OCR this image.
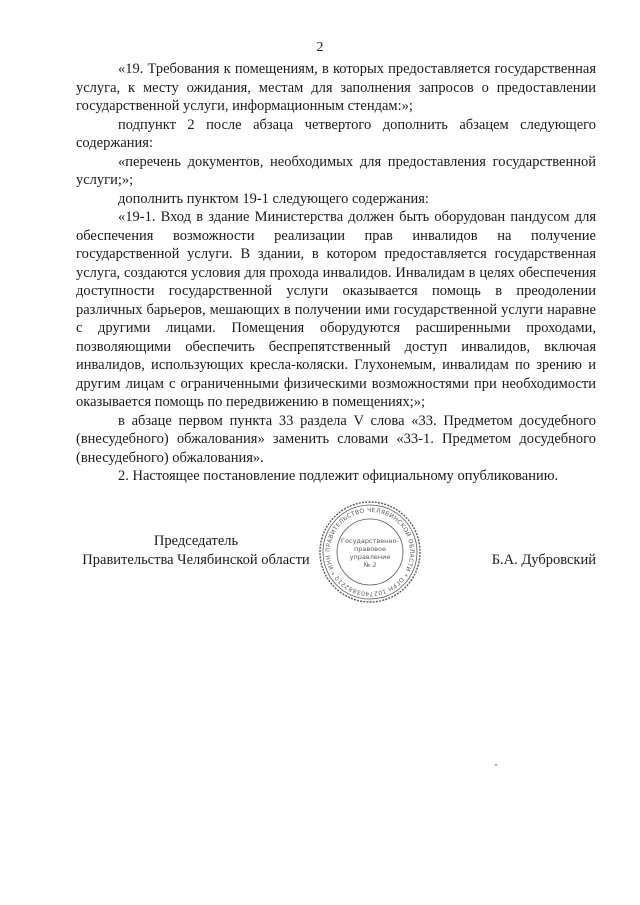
2

«19. Требования к помещениям, в которых предоставляется государственная услуга, к месту ожидания, местам для заполнения запросов о предоставлении государственной услуги, информационным стендам:»;

подпункт 2 после абзаца четвертого дополнить абзацем следующего содержания:

«перечень документов, необходимых для предоставления государственной услуги;»;

дополнить пунктом 19-1 следующего содержания:

«19-1. Вход в здание Министерства должен быть оборудован пандусом для обеспечения возможности реализации прав инвалидов на получение государственной услуги. В здании, в котором предоставляется государственная услуга, создаются условия для прохода инвалидов. Инвалидам в целях обеспечения доступности государственной услуги оказывается помощь в преодолении различных барьеров, мешающих в получении ими государственной услуги наравне с другими лицами. Помещения оборудуются расширенными проходами, позволяющими обеспечить беспрепятственный доступ инвалидов, включая инвалидов, использующих кресла-коляски. Глухонемым, инвалидам по зрению и другим лицам с ограниченными физическими возможностями при необходимости оказывается помощь по передвижению в помещениях;»;

в абзаце первом пункта 33 раздела V слова «33. Предметом досудебного (внесудебного) обжалования» заменить словами «33-1. Предметом досудебного (внесудебного) обжалования».

2. Настоящее постановление подлежит официальному опубликованию.

Председатель
Правительства Челябинской области
ПРАВИТЕЛЬСТВО ЧЕЛЯБИНСКОЙ ОБЛАСТИ * ОГРН 1027403882210 * ИНН
Государственно-
правовое
управление
№ 2	Б.А. Дубровский
